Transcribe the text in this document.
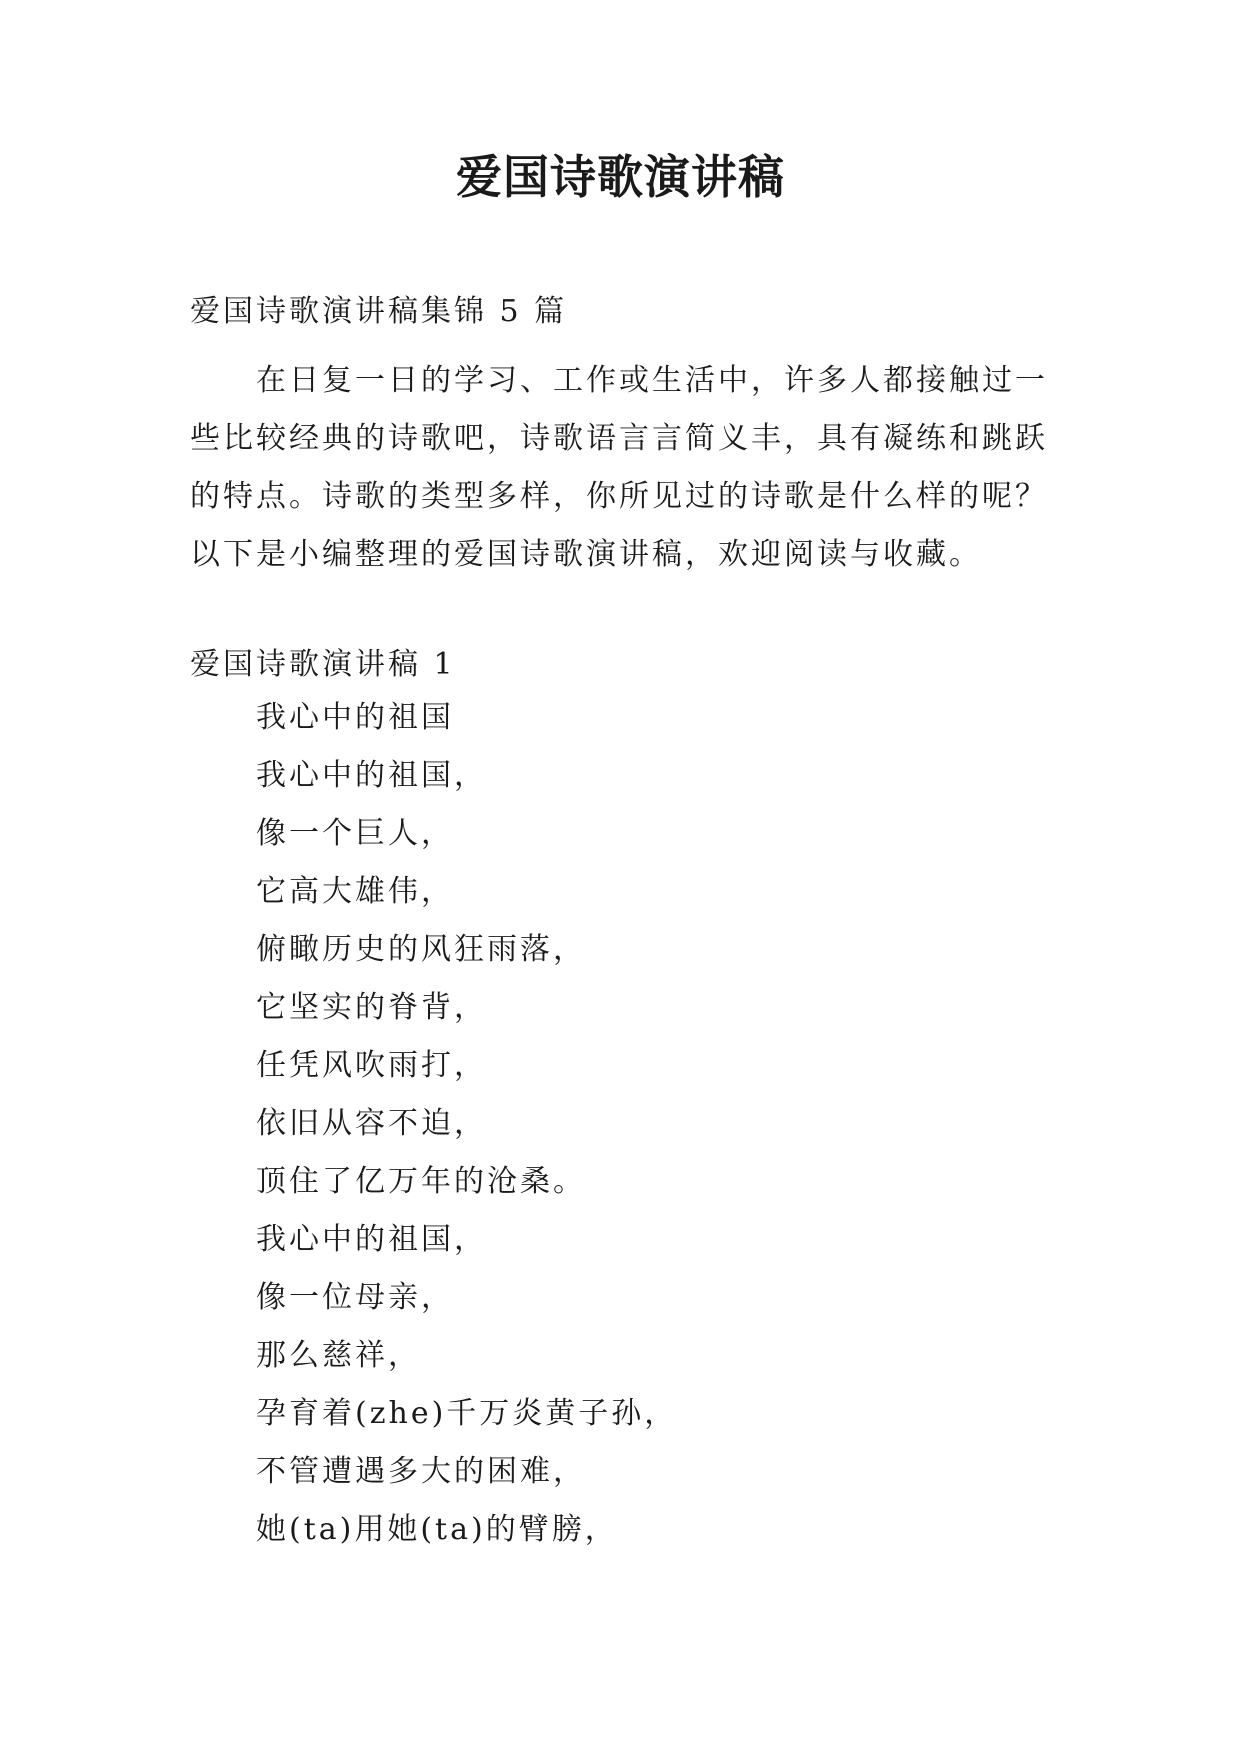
爱国诗歌演讲稿
爱国诗歌演讲稿集锦 5 篇
在日复一日的学习、工作或生活中，许多人都接触过一
些比较经典的诗歌吧，诗歌语言言简义丰，具有凝练和跳跃
的特点。诗歌的类型多样，你所见过的诗歌是什么样的呢？
以下是小编整理的爱国诗歌演讲稿，欢迎阅读与收藏。
爱国诗歌演讲稿 1
我心中的祖国
我心中的祖国，
像一个巨人，
它高大雄伟，
俯瞰历史的风狂雨落，
它坚实的脊背，
任凭风吹雨打，
依旧从容不迫，
顶住了亿万年的沧桑。
我心中的祖国，
像一位母亲，
那么慈祥，
孕育着(zhe)千万炎黄子孙，
不管遭遇多大的困难，
她(ta)用她(ta)的臂膀，
